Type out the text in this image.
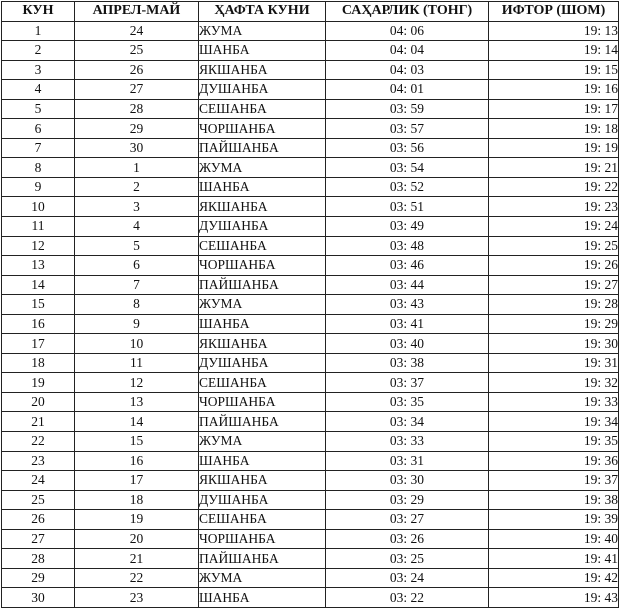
КУН	АПРЕЛ-МАЙ	ҲАФТА КУНИ	САҲАРЛИК (ТОНГ)	ИФТОР (ШОМ)
1	24	ЖУМА	04: 06	19: 13
2	25	ШАНБА	04: 04	19: 14
3	26	ЯКШАНБА	04: 03	19: 15
4	27	ДУШАНБА	04: 01	19: 16
5	28	СЕШАНБА	03: 59	19: 17
6	29	ЧОРШАНБА	03: 57	19: 18
7	30	ПАЙШАНБА	03: 56	19: 19
8	1	ЖУМА	03: 54	19: 21
9	2	ШАНБА	03: 52	19: 22
10	3	ЯКШАНБА	03: 51	19: 23
11	4	ДУШАНБА	03: 49	19: 24
12	5	СЕШАНБА	03: 48	19: 25
13	6	ЧОРШАНБА	03: 46	19: 26
14	7	ПАЙШАНБА	03: 44	19: 27
15	8	ЖУМА	03: 43	19: 28
16	9	ШАНБА	03: 41	19: 29
17	10	ЯКШАНБА	03: 40	19: 30
18	11	ДУШАНБА	03: 38	19: 31
19	12	СЕШАНБА	03: 37	19: 32
20	13	ЧОРШАНБА	03: 35	19: 33
21	14	ПАЙШАНБА	03: 34	19: 34
22	15	ЖУМА	03: 33	19: 35
23	16	ШАНБА	03: 31	19: 36
24	17	ЯКШАНБА	03: 30	19: 37
25	18	ДУШАНБА	03: 29	19: 38
26	19	СЕШАНБА	03: 27	19: 39
27	20	ЧОРШАНБА	03: 26	19: 40
28	21	ПАЙШАНБА	03: 25	19: 41
29	22	ЖУМА	03: 24	19: 42
30	23	ШАНБА	03: 22	19: 43
